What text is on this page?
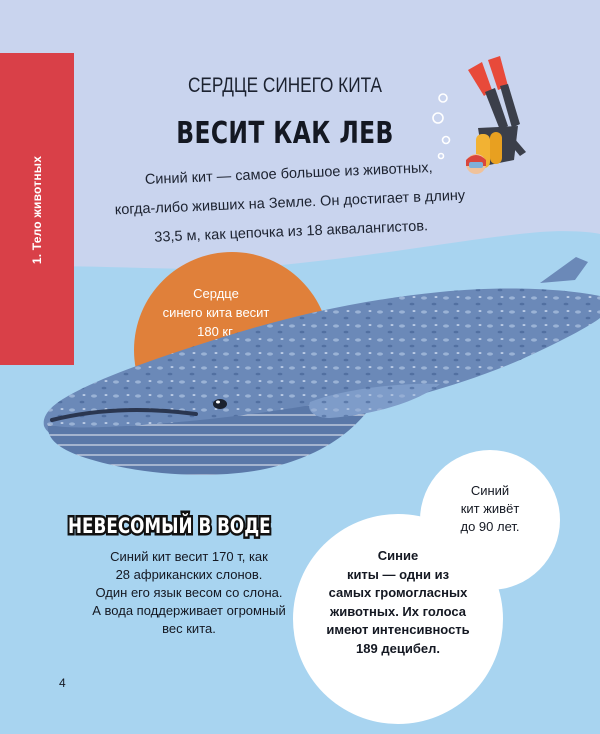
1. Тело животных
СЕРДЦЕ СИНЕГО КИТА
ВЕСИТ КАК ЛЕВ
Синий кит — самое большое из животных,
когда-либо живших на Земле. Он достигает в длину
33,5 м, как цепочка из 18 аквалангистов.
Сердце
синего кита весит
180 кг.
НЕВЕСОМЫЙ В ВОДЕ
Синий кит весит 170 т, как
28 африканских слонов.
Один его язык весом со слона.
А вода поддерживает огромный
вес кита.
Синий
кит живёт
до 90 лет.
Синие
киты — одни из
самых громогласных
животных. Их голоса
имеют интенсивность
189 децибел.
4
